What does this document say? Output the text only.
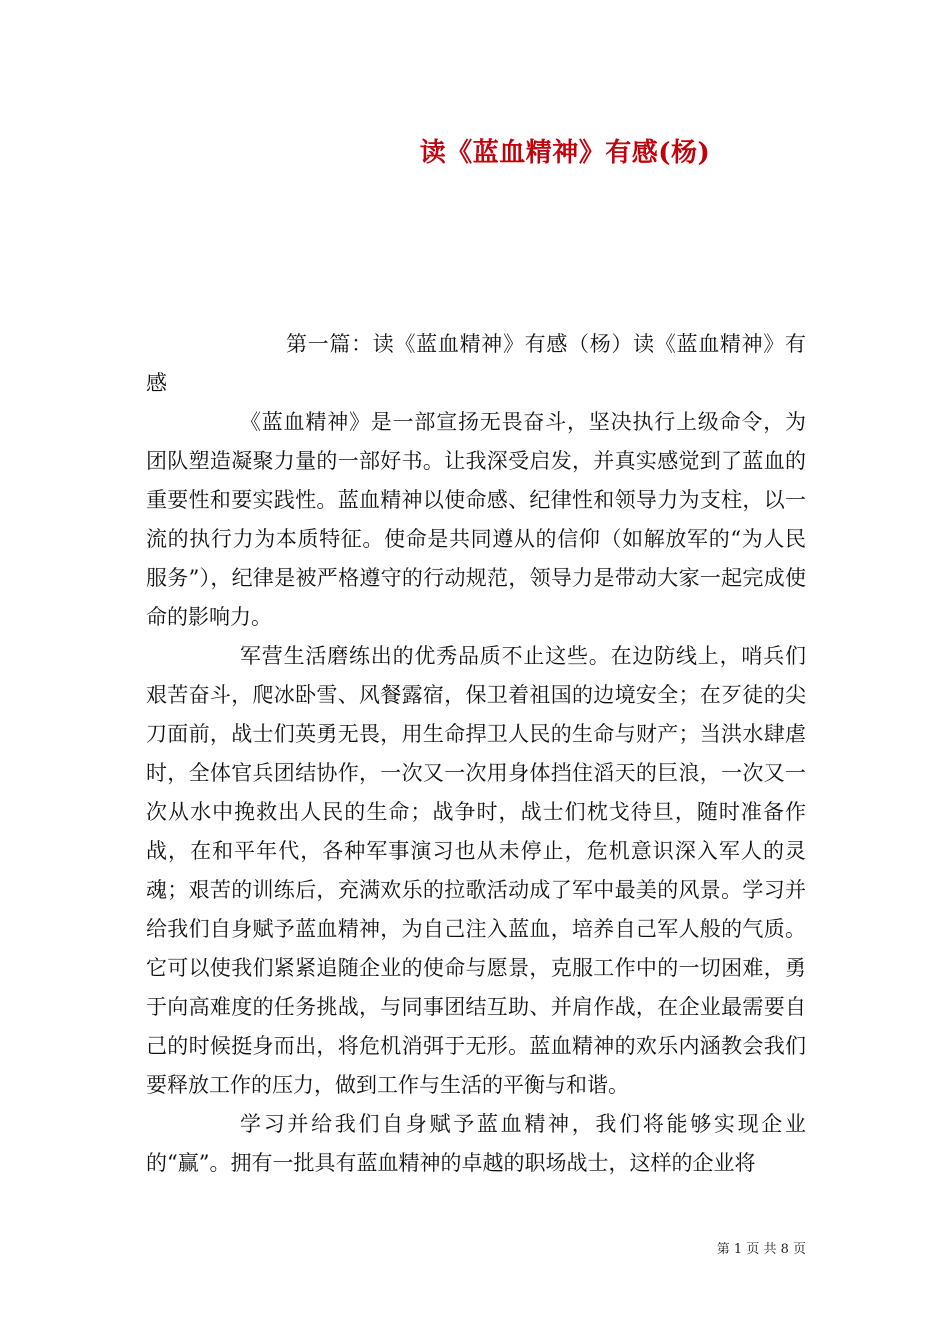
读《蓝血精神》有感(杨)

第一篇：读《蓝血精神》有感（杨）读《蓝血精神》有感

《蓝血精神》是一部宣扬无畏奋斗，坚决执行上级命令，为团队塑造凝聚力量的一部好书。让我深受启发，并真实感觉到了蓝血的重要性和要实践性。蓝血精神以使命感、纪律性和领导力为支柱，以一流的执行力为本质特征。使命是共同遵从的信仰（如解放军的“为人民服务”），纪律是被严格遵守的行动规范，领导力是带动大家一起完成使命的影响力。

军营生活磨练出的优秀品质不止这些。在边防线上，哨兵们艰苦奋斗，爬冰卧雪、风餐露宿，保卫着祖国的边境安全；在歹徒的尖刀面前，战士们英勇无畏，用生命捍卫人民的生命与财产；当洪水肆虐时，全体官兵团结协作，一次又一次用身体挡住滔天的巨浪，一次又一次从水中挽救出人民的生命；战争时，战士们枕戈待旦，随时准备作战，在和平年代，各种军事演习也从未停止，危机意识深入军人的灵魂；艰苦的训练后，充满欢乐的拉歌活动成了军中最美的风景。学习并给我们自身赋予蓝血精神，为自己注入蓝血，培养自己军人般的气质。它可以使我们紧紧追随企业的使命与愿景，克服工作中的一切困难，勇于向高难度的任务挑战，与同事团结互助、并肩作战，在企业最需要自己的时候挺身而出，将危机消弭于无形。蓝血精神的欢乐内涵教会我们要释放工作的压力，做到工作与生活的平衡与和谐。

学习并给我们自身赋予蓝血精神，我们将能够实现企业的“赢”。拥有一批具有蓝血精神的卓越的职场战士，这样的企业将

第 1 页 共 8 页
